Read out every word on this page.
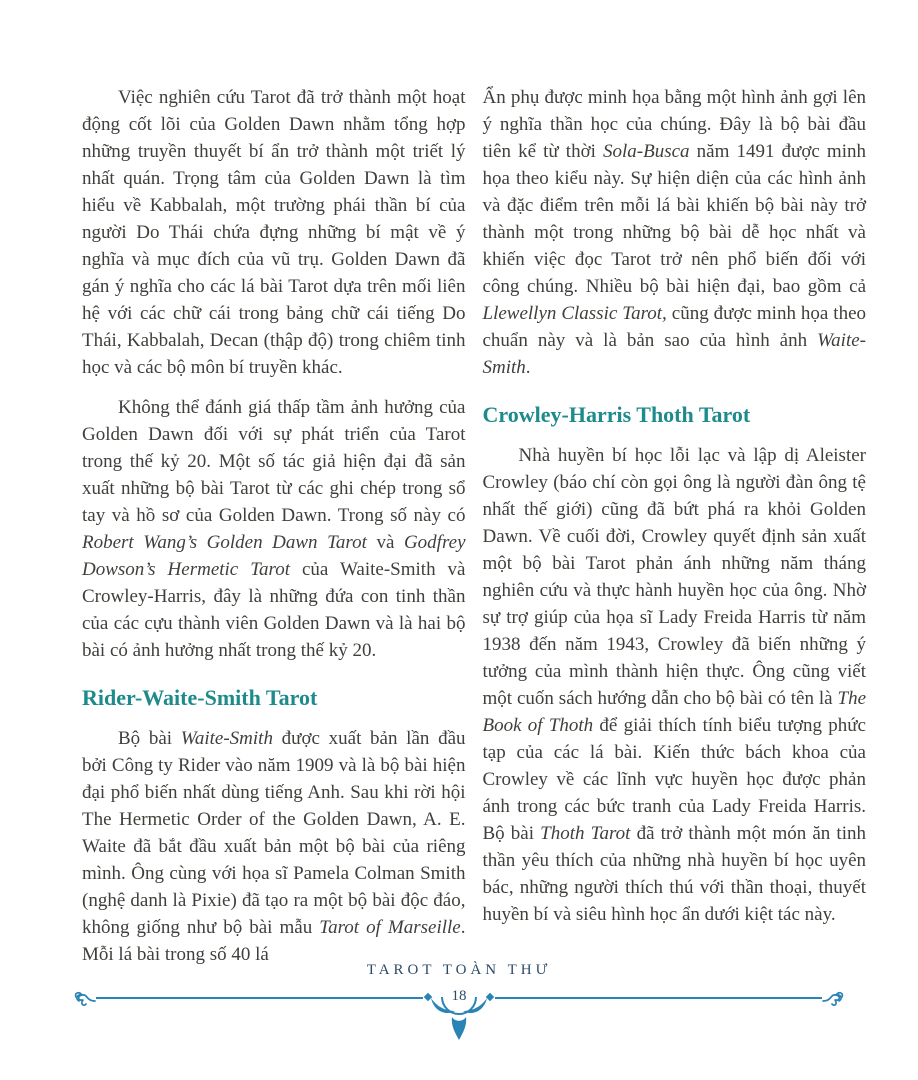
Việc nghiên cứu Tarot đã trở thành một hoạt động cốt lõi của Golden Dawn nhằm tổng hợp những truyền thuyết bí ẩn trở thành một triết lý nhất quán. Trọng tâm của Golden Dawn là tìm hiểu về Kabbalah, một trường phái thần bí của người Do Thái chứa đựng những bí mật về ý nghĩa và mục đích của vũ trụ. Golden Dawn đã gán ý nghĩa cho các lá bài Tarot dựa trên mối liên hệ với các chữ cái trong bảng chữ cái tiếng Do Thái, Kabbalah, Decan (thập độ) trong chiêm tinh học và các bộ môn bí truyền khác.

Không thể đánh giá thấp tầm ảnh hưởng của Golden Dawn đối với sự phát triển của Tarot trong thế kỷ 20. Một số tác giả hiện đại đã sản xuất những bộ bài Tarot từ các ghi chép trong sổ tay và hồ sơ của Golden Dawn. Trong số này có Robert Wang’s Golden Dawn Tarot và Godfrey Dowson’s Hermetic Tarot của Waite-Smith và Crowley-Harris, đây là những đứa con tinh thần của các cựu thành viên Golden Dawn và là hai bộ bài có ảnh hưởng nhất trong thế kỷ 20.

Rider-Waite-Smith Tarot

Bộ bài Waite-Smith được xuất bản lần đầu bởi Công ty Rider vào năm 1909 và là bộ bài hiện đại phổ biến nhất dùng tiếng Anh. Sau khi rời hội The Hermetic Order of the Golden Dawn, A. E. Waite đã bắt đầu xuất bản một bộ bài của riêng mình. Ông cùng với họa sĩ Pamela Colman Smith (nghệ danh là Pixie) đã tạo ra một bộ bài độc đáo, không giống như bộ bài mẫu Tarot of Marseille. Mỗi lá bài trong số 40 lá

Ẩn phụ được minh họa bằng một hình ảnh gợi lên ý nghĩa thần học của chúng. Đây là bộ bài đầu tiên kể từ thời Sola-Busca năm 1491 được minh họa theo kiểu này. Sự hiện diện của các hình ảnh và đặc điểm trên mỗi lá bài khiến bộ bài này trở thành một trong những bộ bài dễ học nhất và khiến việc đọc Tarot trở nên phổ biến đối với công chúng. Nhiều bộ bài hiện đại, bao gồm cả Llewellyn Classic Tarot, cũng được minh họa theo chuẩn này và là bản sao của hình ảnh Waite-Smith.

Crowley-Harris Thoth Tarot

Nhà huyền bí học lỗi lạc và lập dị Aleister Crowley (báo chí còn gọi ông là người đàn ông tệ nhất thế giới) cũng đã bứt phá ra khỏi Golden Dawn. Về cuối đời, Crowley quyết định sản xuất một bộ bài Tarot phản ánh những năm tháng nghiên cứu và thực hành huyền học của ông. Nhờ sự trợ giúp của họa sĩ Lady Freida Harris từ năm 1938 đến năm 1943, Crowley đã biến những ý tưởng của mình thành hiện thực. Ông cũng viết một cuốn sách hướng dẫn cho bộ bài có tên là The Book of Thoth để giải thích tính biểu tượng phức tạp của các lá bài. Kiến thức bách khoa của Crowley về các lĩnh vực huyền học được phản ánh trong các bức tranh của Lady Freida Harris. Bộ bài Thoth Tarot đã trở thành một món ăn tinh thần yêu thích của những nhà huyền bí học uyên bác, những người thích thú với thần thoại, thuyết huyền bí và siêu hình học ẩn dưới kiệt tác này.

TAROT TOÀN THƯ
18
